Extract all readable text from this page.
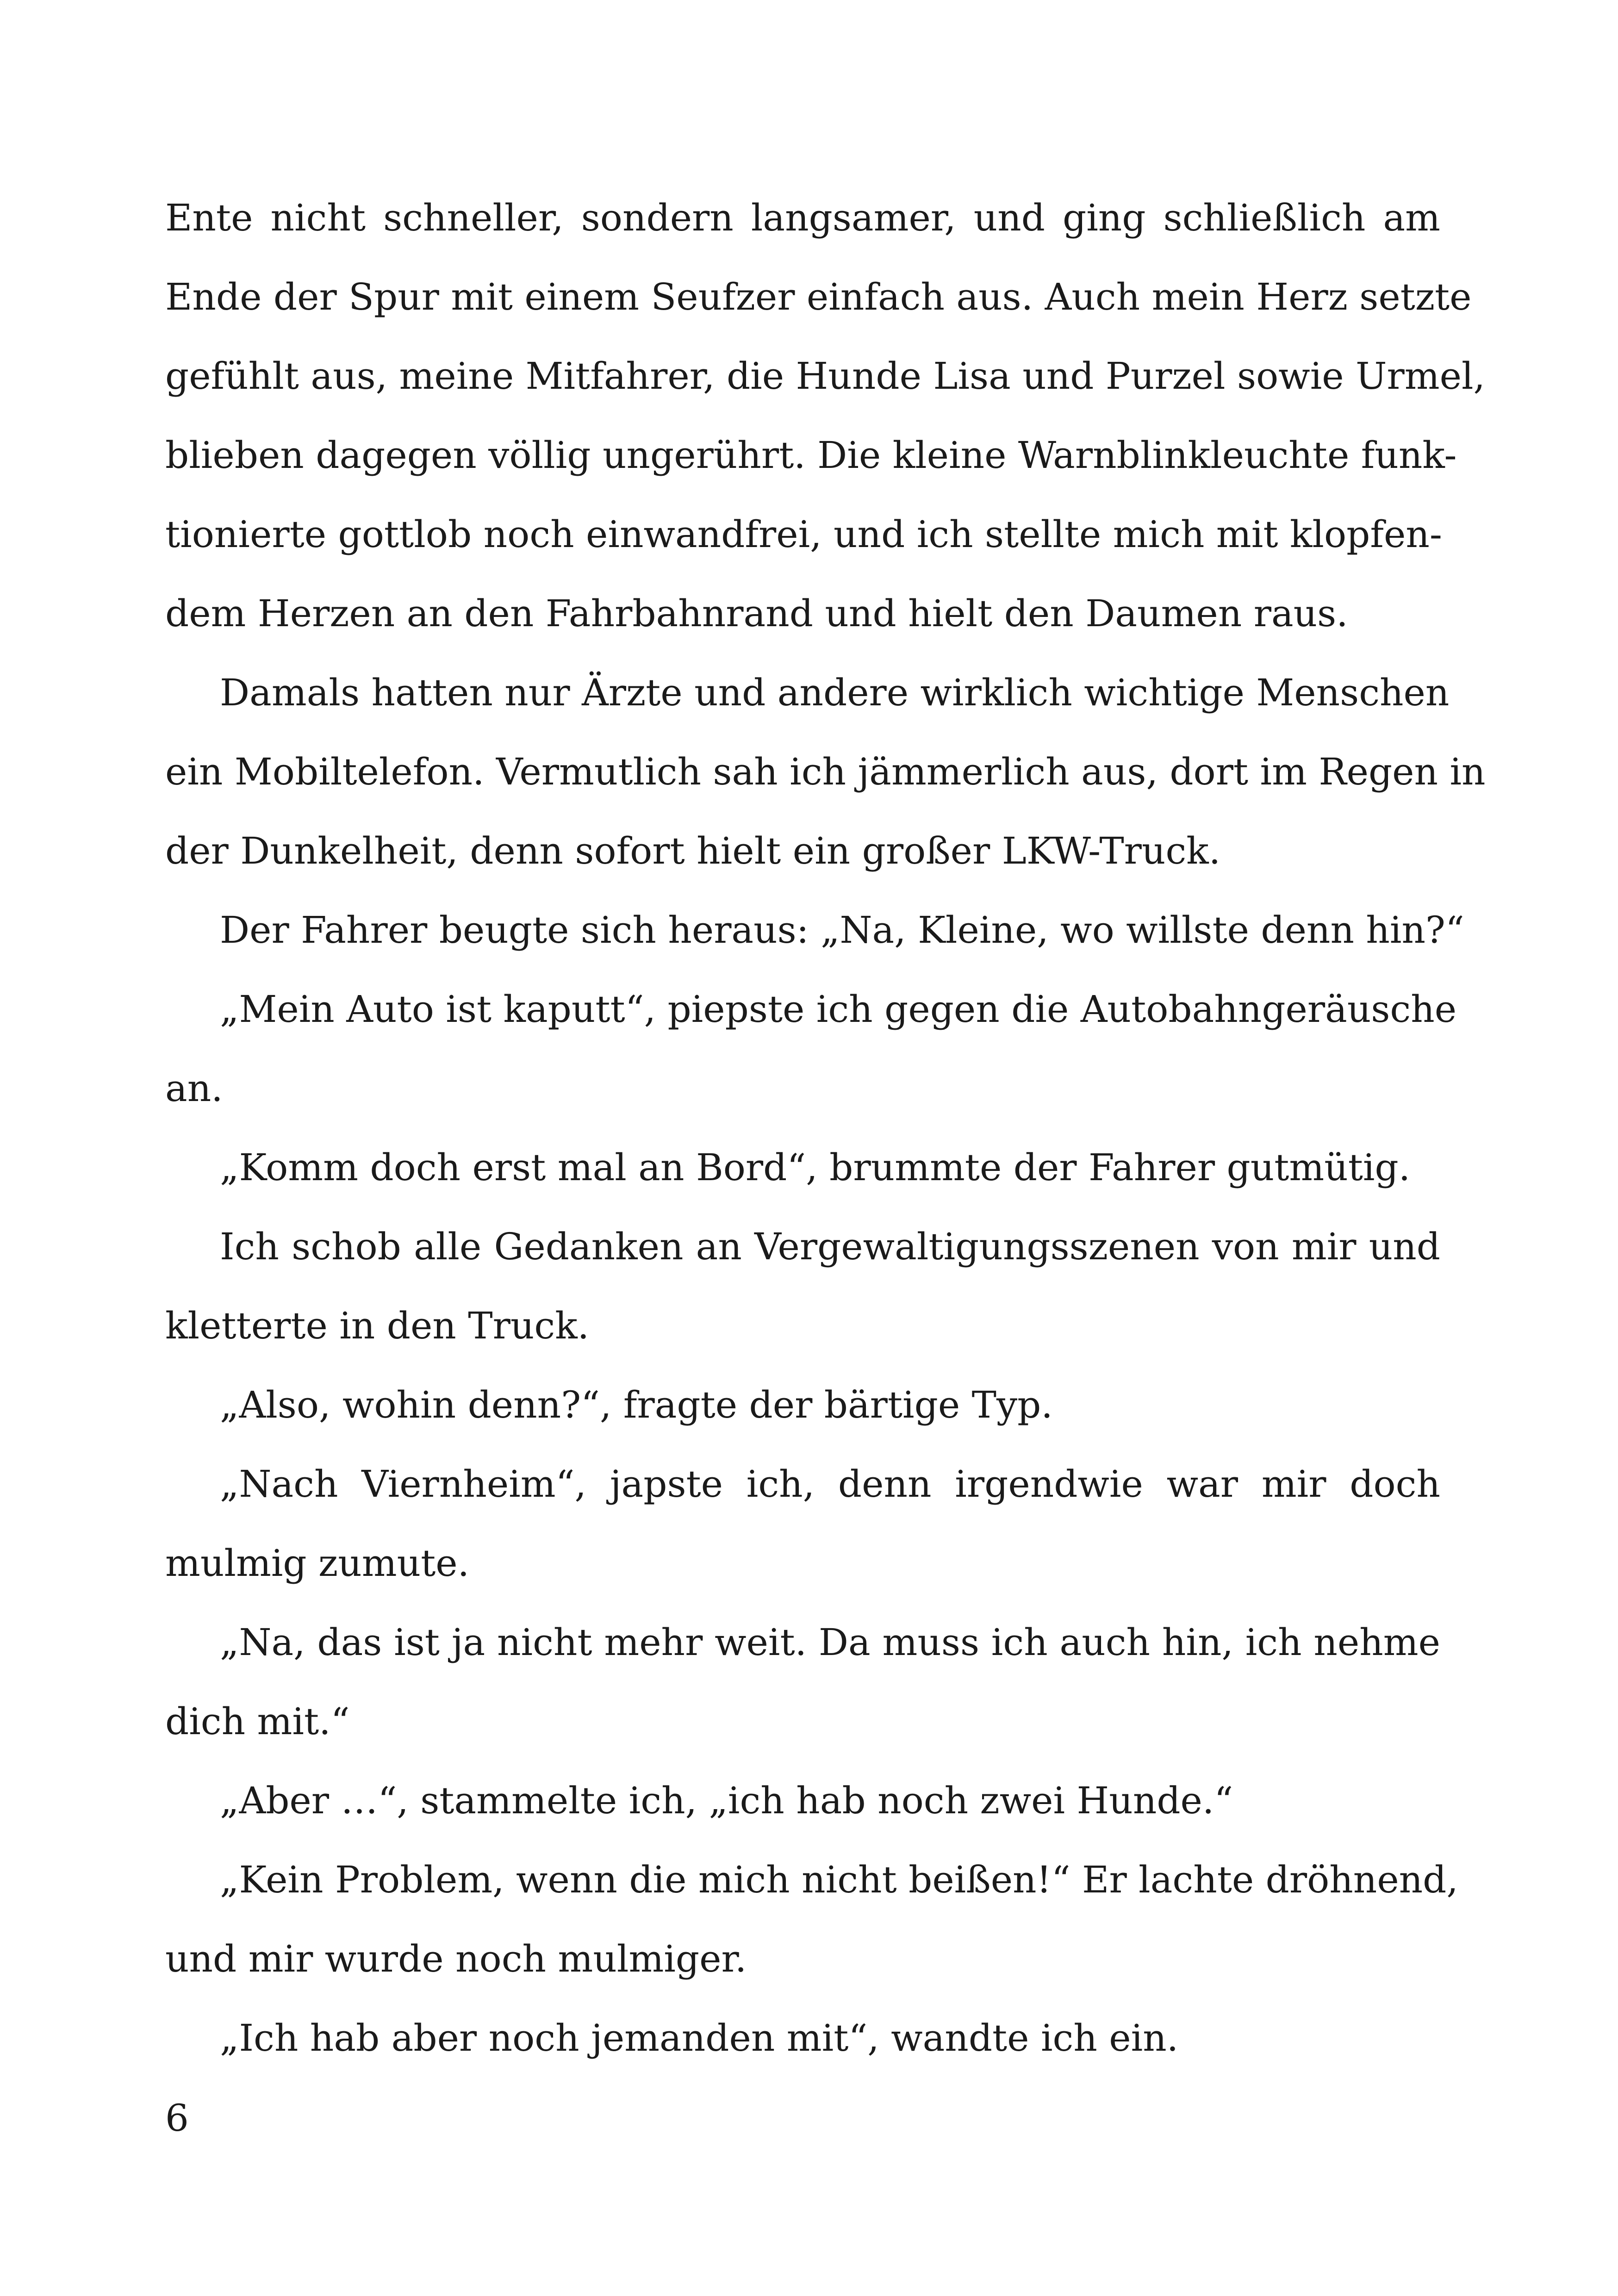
Ente nicht schneller, sondern langsamer, und ging schließlich am
Ende der Spur mit einem Seufzer einfach aus. Auch mein Herz setzte
gefühlt aus, meine Mitfahrer, die Hunde Lisa und Purzel sowie Urmel,
blieben dagegen völlig ungerührt. Die kleine Warnblinkleuchte funk-
tionierte gottlob noch einwandfrei, und ich stellte mich mit klopfen-
dem Herzen an den Fahrbahnrand und hielt den Daumen raus.
Damals hatten nur Ärzte und andere wirklich wichtige Menschen
ein Mobiltelefon. Vermutlich sah ich jämmerlich aus, dort im Regen in
der Dunkelheit, denn sofort hielt ein großer LKW-Truck.
Der Fahrer beugte sich heraus: „Na, Kleine, wo willste denn hin?“
„Mein Auto ist kaputt“, piepste ich gegen die Autobahngeräusche
an.
„Komm doch erst mal an Bord“, brummte der Fahrer gutmütig.
Ich schob alle Gedanken an Vergewaltigungsszenen von mir und
kletterte in den Truck.
„Also, wohin denn?“, fragte der bärtige Typ.
„Nach Viernheim“, japste ich, denn irgendwie war mir doch
mulmig zumute.
„Na, das ist ja nicht mehr weit. Da muss ich auch hin, ich nehme
dich mit.“
„Aber …“, stammelte ich, „ich hab noch zwei Hunde.“
„Kein Problem, wenn die mich nicht beißen!“ Er lachte dröhnend,
und mir wurde noch mulmiger.
„Ich hab aber noch jemanden mit“, wandte ich ein.
6
